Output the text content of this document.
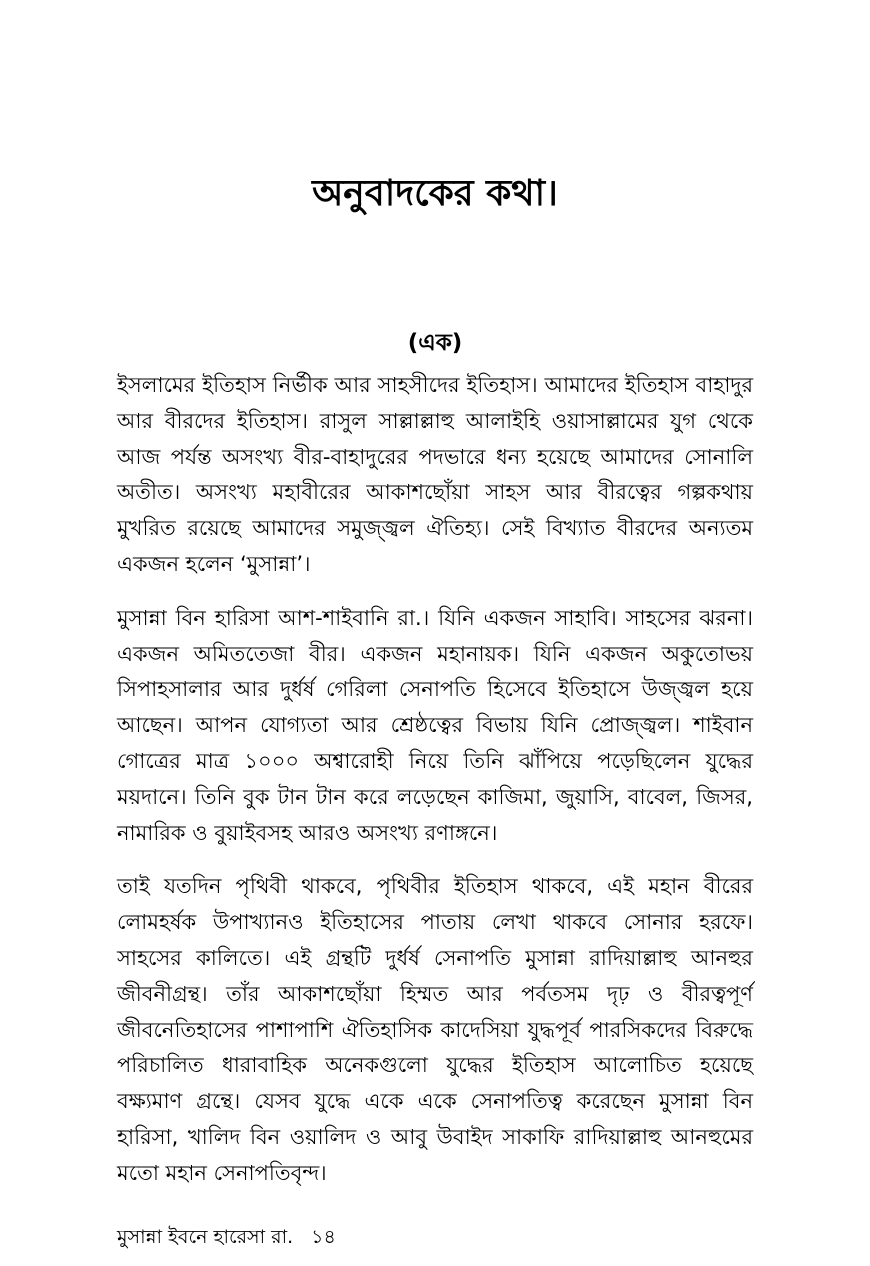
অনুবাদকের কথা।
(এক)

ইসলামের ইতিহাস নির্ভীক আর সাহসীদের ইতিহাস। আমাদের ইতিহাস বাহাদুর আর বীরদের ইতিহাস। রাসুল সাল্লাল্লাহু আলাইহি ওয়াসাল্লামের যুগ থেকে আজ পর্যন্ত অসংখ্য বীর-বাহাদুরের পদভারে ধন্য হয়েছে আমাদের সোনালি অতীত। অসংখ্য মহাবীরের আকাশছোঁয়া সাহস আর বীরত্বের গল্পকথায় মুখরিত রয়েছে আমাদের সমুজ্জ্বল ঐতিহ্য। সেই বিখ্যাত বীরদের অন্যতম একজন হলেন ‘মুসান্না’।

মুসান্না বিন হারিসা আশ-শাইবানি রা.। যিনি একজন সাহাবি। সাহসের ঝরনা। একজন অমিততেজা বীর। একজন মহানায়ক। যিনি একজন অকুতোভয় সিপাহসালার আর দুর্ধর্ষ গেরিলা সেনাপতি হিসেবে ইতিহাসে উজ্জ্বল হয়ে আছেন। আপন যোগ্যতা আর শ্রেষ্ঠত্বের বিভায় যিনি প্রোজ্জ্বল। শাইবান গোত্রের মাত্র ১০০০ অশ্বারোহী নিয়ে তিনি ঝাঁপিয়ে পড়েছিলেন যুদ্ধের ময়দানে। তিনি বুক টান টান করে লড়েছেন কাজিমা, জুয়াসি, বাবেল, জিসর, নামারিক ও বুয়াইবসহ আরও অসংখ্য রণাঙ্গনে।

তাই যতদিন পৃথিবী থাকবে, পৃথিবীর ইতিহাস থাকবে, এই মহান বীরের লোমহর্ষক উপাখ্যানও ইতিহাসের পাতায় লেখা থাকবে সোনার হরফে। সাহসের কালিতে। এই গ্রন্থটি দুর্ধর্ষ সেনাপতি মুসান্না রাদিয়াল্লাহু আনহুর জীবনীগ্রন্থ। তাঁর আকাশছোঁয়া হিম্মত আর পর্বতসম দৃঢ় ও বীরত্বপূর্ণ জীবনেতিহাসের পাশাপাশি ঐতিহাসিক কাদেসিয়া যুদ্ধপূর্ব পারসিকদের বিরুদ্ধে পরিচালিত ধারাবাহিক অনেকগুলো যুদ্ধের ইতিহাস আলোচিত হয়েছে বক্ষ্যমাণ গ্রন্থে। যেসব যুদ্ধে একে একে সেনাপতিত্ব করেছেন মুসান্না বিন হারিসা, খালিদ বিন ওয়ালিদ ও আবু উবাইদ সাকাফি রাদিয়াল্লাহু আনহুমের মতো মহান সেনাপতিবৃন্দ।

মুসান্না ইবনে হারেসা রা. ১৪
